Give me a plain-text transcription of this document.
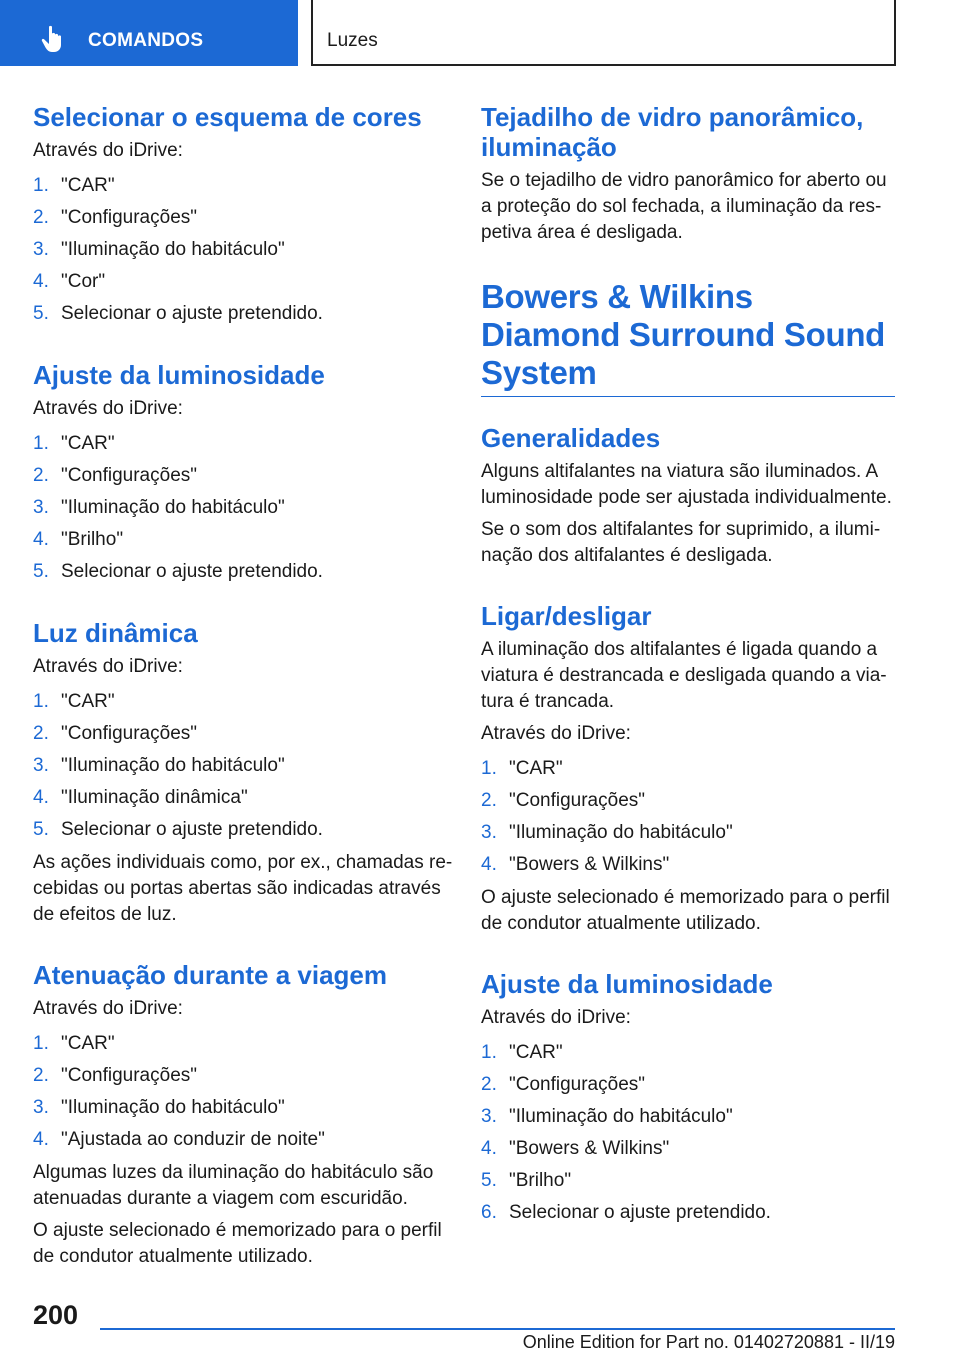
COMANDOS	Luzes
Selecionar o esquema de cores

Através do iDrive:

1. "CAR"
2. "Configurações"
3. "Iluminação do habitáculo"
4. "Cor"
5. Selecionar o ajuste pretendido.
Ajuste da luminosidade

Através do iDrive:

1. "CAR"
2. "Configurações"
3. "Iluminação do habitáculo"
4. "Brilho"
5. Selecionar o ajuste pretendido.
Luz dinâmica

Através do iDrive:

1. "CAR"
2. "Configurações"
3. "Iluminação do habitáculo"
4. "Iluminação dinâmica"
5. Selecionar o ajuste pretendido.

As ações individuais como, por ex., chamadas re-cebidas ou portas abertas são indicadas através de efeitos de luz.

Atenuação durante a viagem

Através do iDrive:

1. "CAR"
2. "Configurações"
3. "Iluminação do habitáculo"
4. "Ajustada ao conduzir de noite"

Algumas luzes da iluminação do habitáculo são atenuadas durante a viagem com escuridão.

O ajuste selecionado é memorizado para o perfil de condutor atualmente utilizado.

Tejadilho de vidro panorâmico, iluminação

Se o tejadilho de vidro panorâmico for aberto ou a proteção do sol fechada, a iluminação da res-petiva área é desligada.

Bowers & Wilkins Diamond Surround Sound System
Generalidades

Alguns altifalantes na viatura são iluminados. A luminosidade pode ser ajustada individualmente.

Se o som dos altifalantes for suprimido, a ilumi-nação dos altifalantes é desligada.

Ligar/desligar

A iluminação dos altifalantes é ligada quando a viatura é destrancada e desligada quando a via-tura é trancada.

Através do iDrive:

1. "CAR"
2. "Configurações"
3. "Iluminação do habitáculo"
4. "Bowers & Wilkins"

O ajuste selecionado é memorizado para o perfil de condutor atualmente utilizado.

Ajuste da luminosidade

Através do iDrive:

1. "CAR"
2. "Configurações"
3. "Iluminação do habitáculo"
4. "Bowers & Wilkins"
5. "Brilho"
6. Selecionar o ajuste pretendido.
200
Online Edition for Part no. 01402720881 - II/19
